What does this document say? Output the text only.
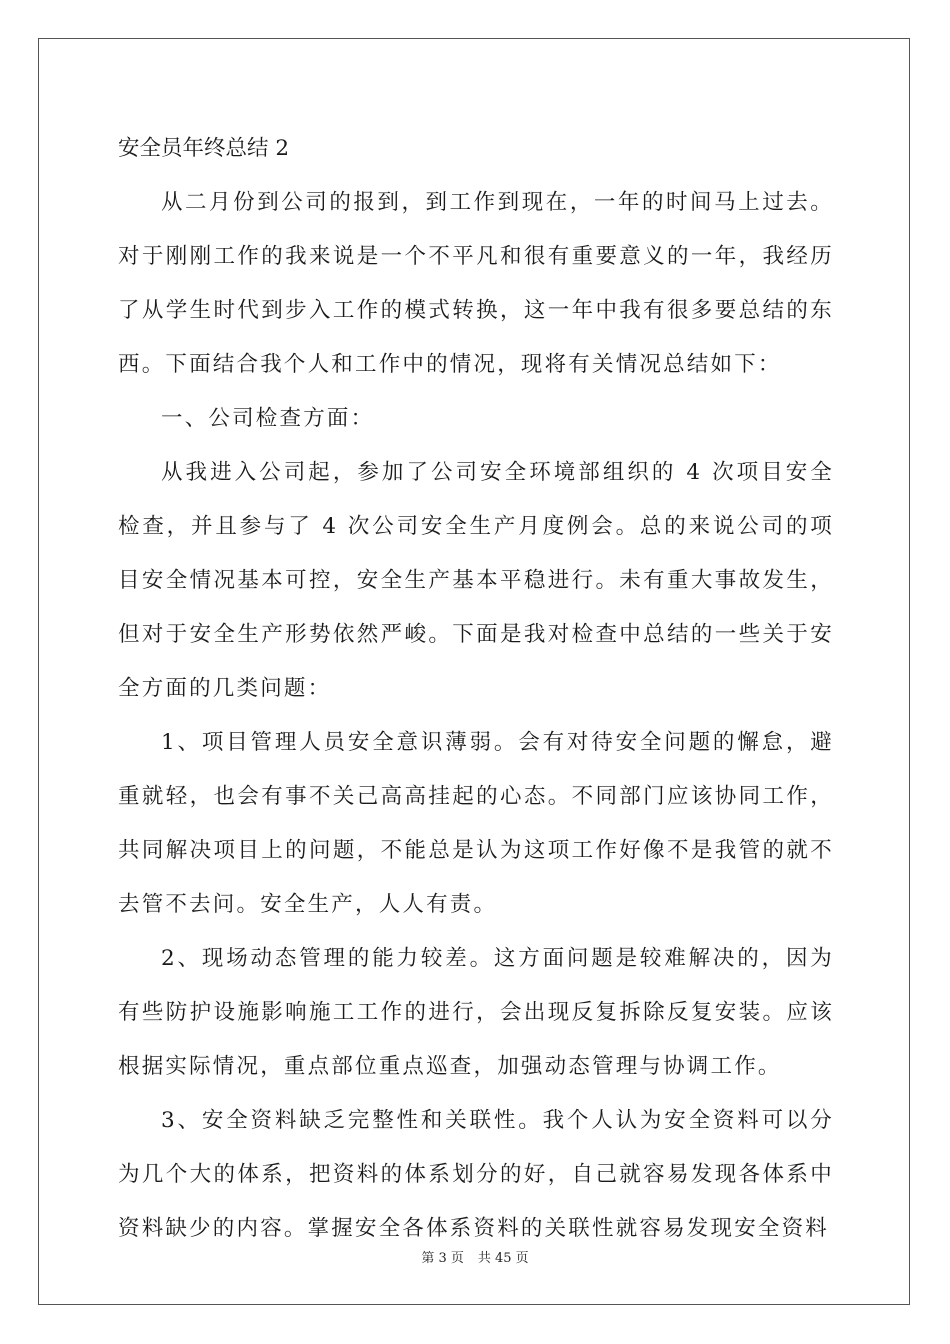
安全员年终总结 2

从二月份到公司的报到，到工作到现在，一年的时间马上过去。对于刚刚工作的我来说是一个不平凡和很有重要意义的一年，我经历了从学生时代到步入工作的模式转换，这一年中我有很多要总结的东西。下面结合我个人和工作中的情况，现将有关情况总结如下：

一、公司检查方面：

从我进入公司起，参加了公司安全环境部组织的 4 次项目安全检查，并且参与了 4 次公司安全生产月度例会。总的来说公司的项目安全情况基本可控，安全生产基本平稳进行。未有重大事故发生，但对于安全生产形势依然严峻。下面是我对检查中总结的一些关于安全方面的几类问题：

1、项目管理人员安全意识薄弱。会有对待安全问题的懈怠，避重就轻，也会有事不关己高高挂起的心态。不同部门应该协同工作，共同解决项目上的问题，不能总是认为这项工作好像不是我管的就不去管不去问。安全生产，人人有责。

2、现场动态管理的能力较差。这方面问题是较难解决的，因为有些防护设施影响施工工作的进行，会出现反复拆除反复安装。应该根据实际情况，重点部位重点巡查，加强动态管理与协调工作。

3、安全资料缺乏完整性和关联性。我个人认为安全资料可以分为几个大的体系，把资料的体系划分的好，自己就容易发现各体系中资料缺少的内容。掌握安全各体系资料的关联性就容易发现安全资料

第 3 页 共 45 页
